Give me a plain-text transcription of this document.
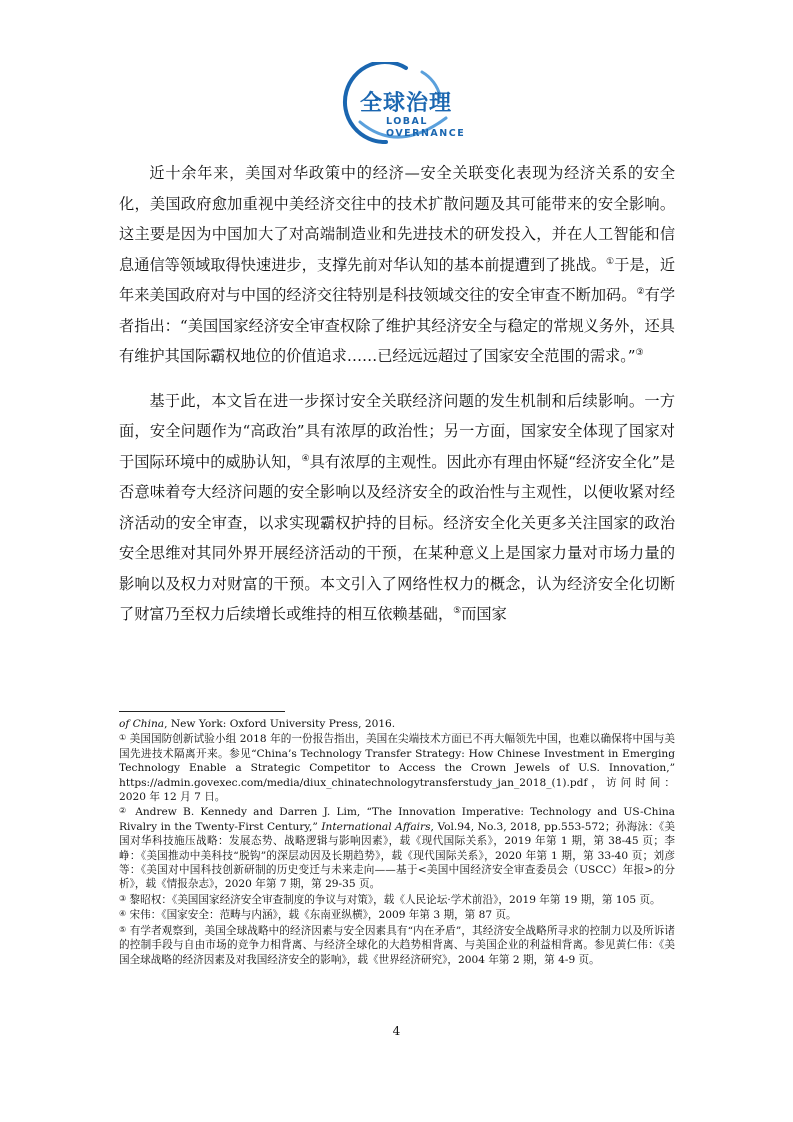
全球治理
LOBAL
OVERNANCE

近十余年来，美国对华政策中的经济—安全关联变化表现为经济关系的安全化，美国政府愈加重视中美经济交往中的技术扩散问题及其可能带来的安全影响。这主要是因为中国加大了对高端制造业和先进技术的研发投入，并在人工智能和信息通信等领域取得快速进步，支撑先前对华认知的基本前提遭到了挑战。①于是，近年来美国政府对与中国的经济交往特别是科技领域交往的安全审查不断加码。②有学者指出：“美国国家经济安全审查权除了维护其经济安全与稳定的常规义务外，还具有维护其国际霸权地位的价值追求……已经远远超过了国家安全范围的需求。”③

基于此，本文旨在进一步探讨安全关联经济问题的发生机制和后续影响。一方面，安全问题作为“高政治”具有浓厚的政治性；另一方面，国家安全体现了国家对于国际环境中的威胁认知，④具有浓厚的主观性。因此亦有理由怀疑“经济安全化”是否意味着夸大经济问题的安全影响以及经济安全的政治性与主观性，以便收紧对经济活动的安全审查，以求实现霸权护持的目标。经济安全化关更多关注国家的政治安全思维对其同外界开展经济活动的干预，在某种意义上是国家力量对市场力量的影响以及权力对财富的干预。本文引入了网络性权力的概念，认为经济安全化切断了财富乃至权力后续增长或维持的相互依赖基础，⑤而国家

of China, New York: Oxford University Press, 2016.

① 美国国防创新试验小组 2018 年的一份报告指出，美国在尖端技术方面已不再大幅领先中国，也难以确保将中国与美国先进技术隔离开来。参见“China’s Technology Transfer Strategy: How Chinese Investment in Emerging Technology Enable a Strategic Competitor to Access the Crown Jewels of U.S. Innovation,” https://admin.govexec.com/media/diux_chinatechnologytransferstudy_jan_2018_(1).pdf，访问时间：2020 年 12 月 7 日。

② Andrew B. Kennedy and Darren J. Lim, “The Innovation Imperative: Technology and US-China Rivalry in the Twenty-First Century,” International Affairs, Vol.94, No.3, 2018, pp.553-572；孙海泳：《美国对华科技施压战略：发展态势、战略逻辑与影响因素》，载《现代国际关系》，2019 年第 1 期，第 38-45 页；李峥：《美国推动中美科技“脱钩”的深层动因及长期趋势》，载《现代国际关系》，2020 年第 1 期，第 33-40 页；刘彦等：《美国对中国科技创新研制的历史变迁与未来走向——基于<美国中国经济安全审查委员会（USCC）年报>的分析》，载《情报杂志》，2020 年第 7 期，第 29-35 页。

③ 黎昭权：《美国国家经济安全审查制度的争议与对策》，载《人民论坛·学术前沿》，2019 年第 19 期，第 105 页。

④ 宋伟：《国家安全：范畴与内涵》，载《东南亚纵横》，2009 年第 3 期，第 87 页。

⑤ 有学者观察到，美国全球战略中的经济因素与安全因素具有“内在矛盾”，其经济安全战略所寻求的控制力以及所诉诸的控制手段与自由市场的竞争力相背离、与经济全球化的大趋势相背离、与美国企业的利益相背离。参见黄仁伟：《美国全球战略的经济因素及对我国经济安全的影响》，载《世界经济研究》，2004 年第 2 期，第 4-9 页。

4
